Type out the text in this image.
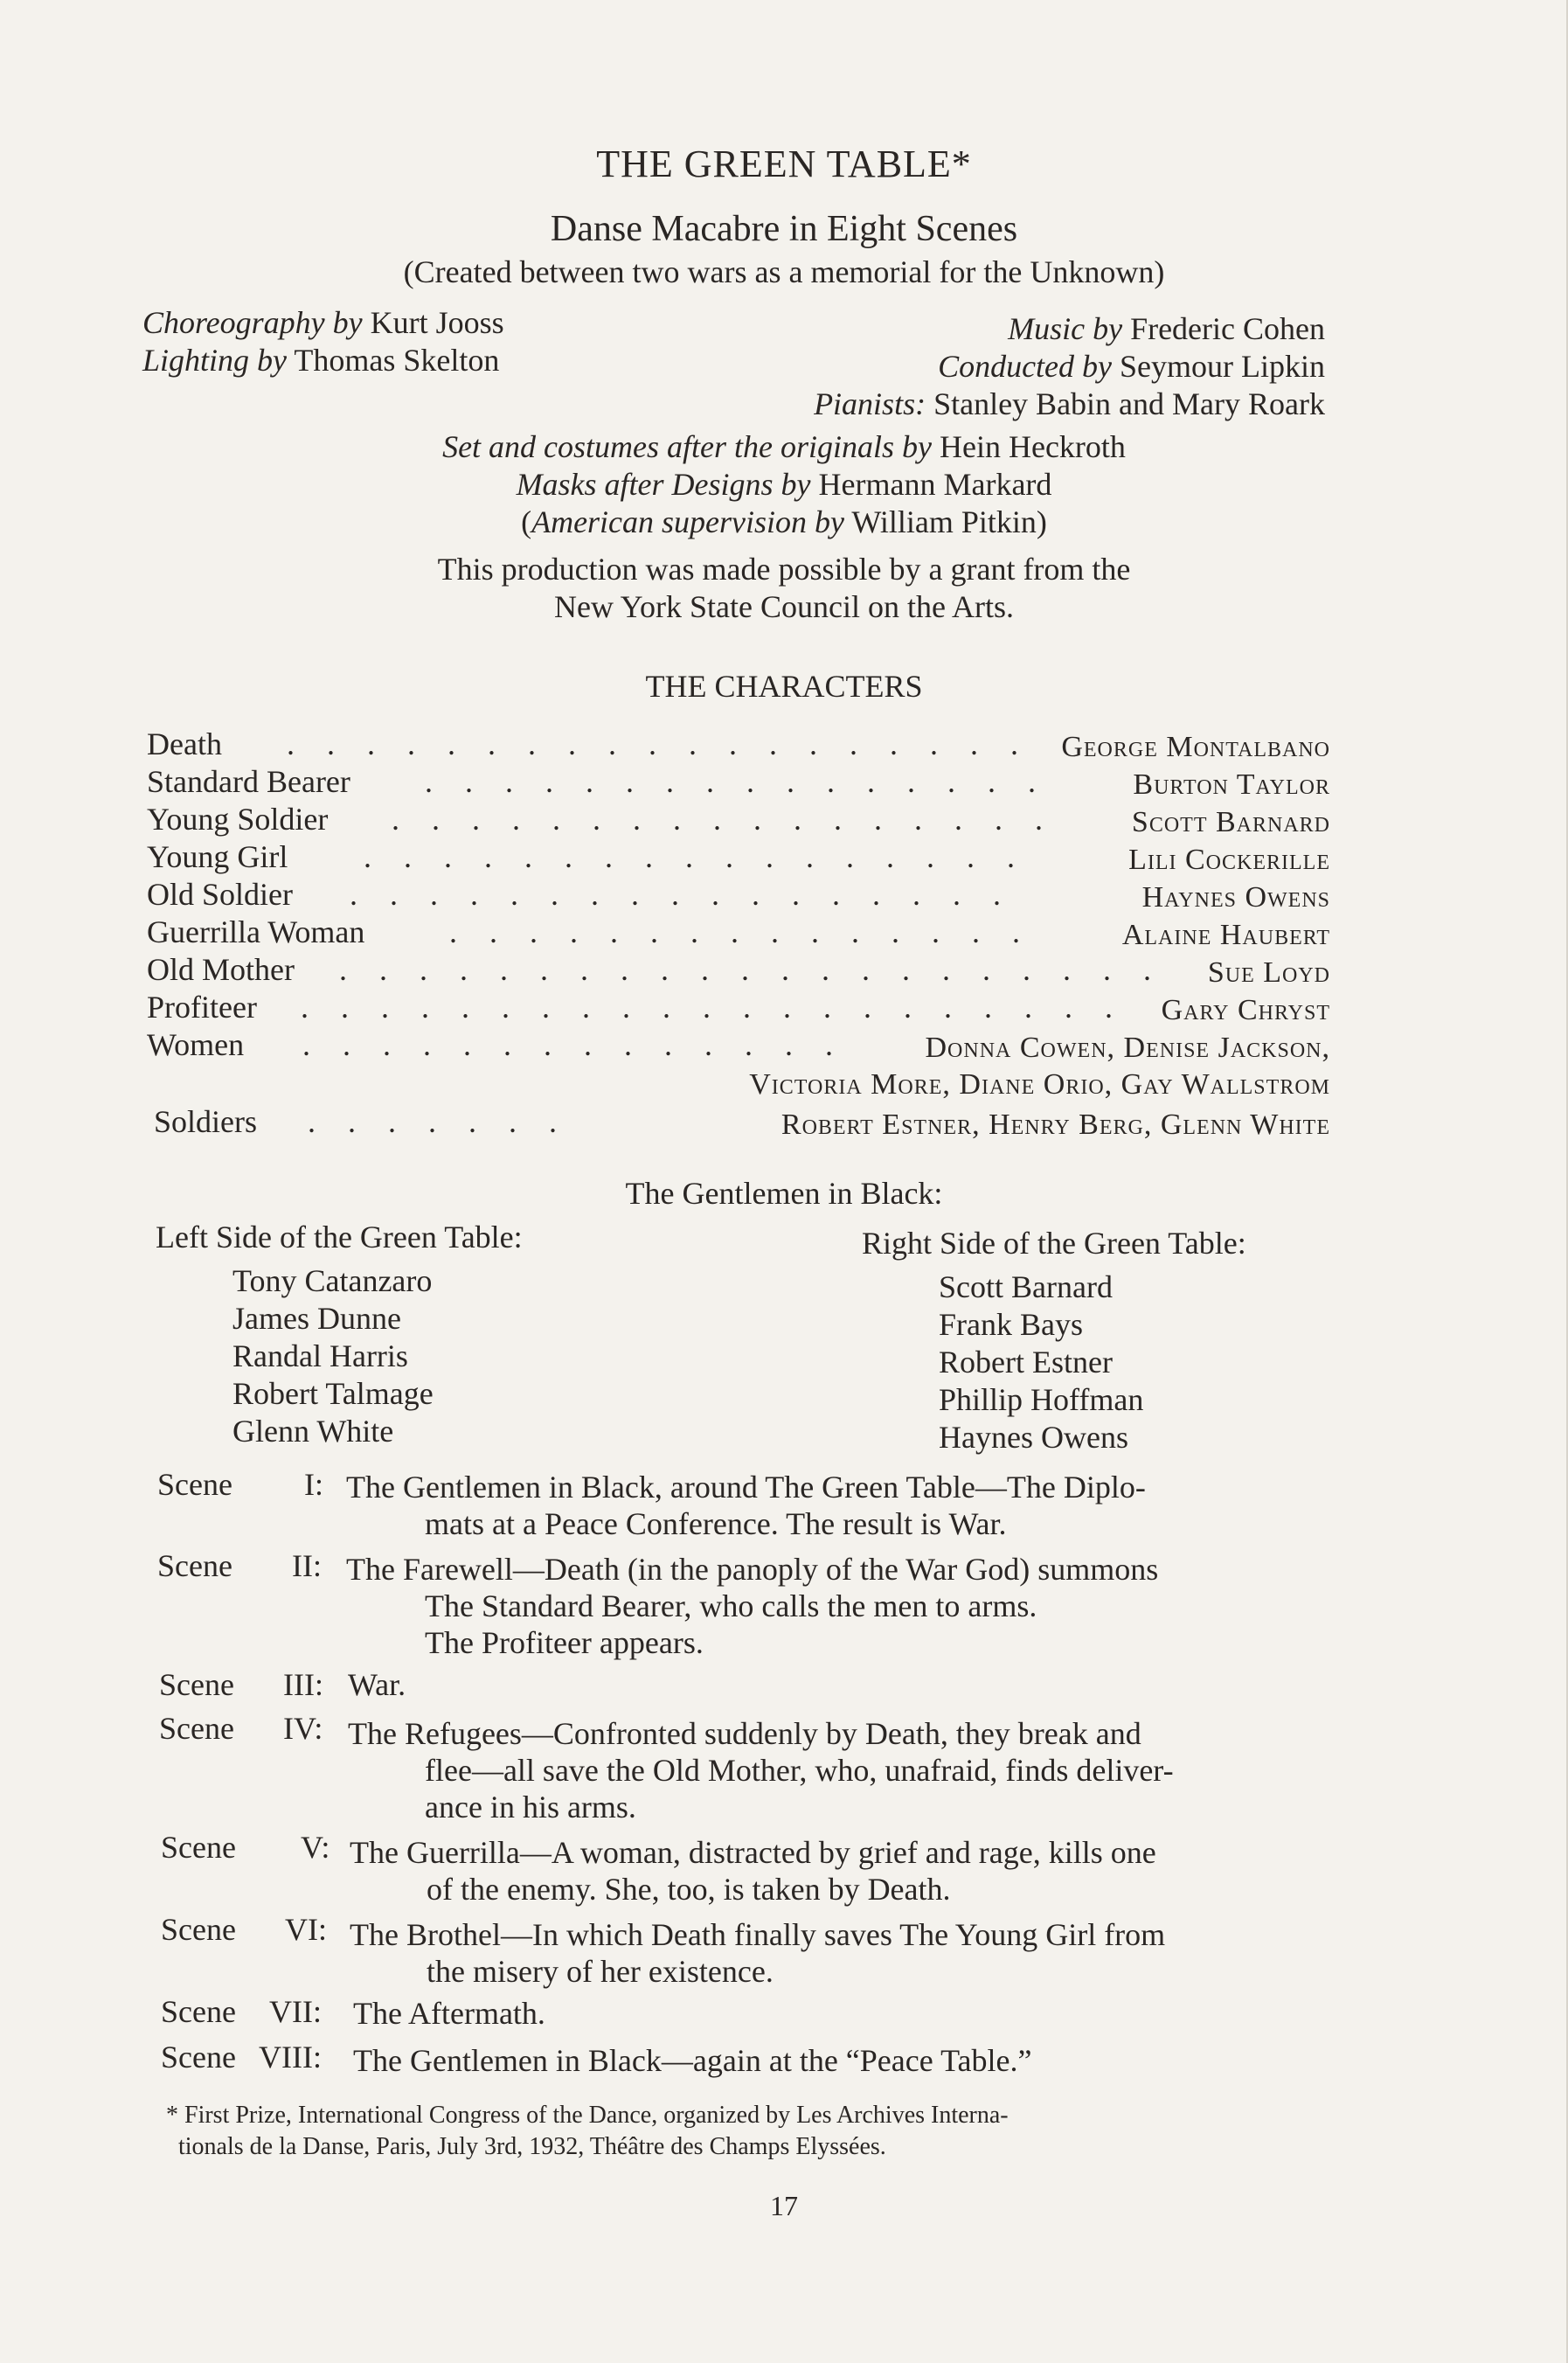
THE GREEN TABLE*
Danse Macabre in Eight Scenes
(Created between two wars as a memorial for the Unknown)
Choreography by Kurt Jooss
Lighting by Thomas Skelton
Music by Frederic Cohen
Conducted by Seymour Lipkin
Pianists: Stanley Babin and Mary Roark
Set and costumes after the originals by Hein Heckroth
Masks after Designs by Hermann Markard
(American supervision by William Pitkin)
This production was made possible by a grant from the
New York State Council on the Arts.
THE CHARACTERS
Death . . . . . . . . . . . . . . . . . . . George Montalbano
Standard Bearer . . . . . . . . . . . . . . . .	Burton Taylor
Young Soldier . . . . . . . . . . . . . . . . .	Scott Barnard
Young Girl . . . . . . . . . . . . . . . . .	Lili Cockerille
Old Soldier . . . . . . . . . . . . . . . . .	Haynes Owens
Guerrilla Woman	. . . . . . . . . . . . . . .	Alaine Haubert
Old Mother . . . . . . . . . . . . . . . . . . . . . Sue Loyd
Profiteer . . . . . . . . . . . . . . . . . . . . . Gary Chryst
Women . . . . . . . . . . . . . .	Donna Cowen, Denise Jackson,
Victoria More, Diane Orio, Gay Wallstrom
Soldiers . . . . . . .	Robert Estner, Henry Berg, Glenn White
The Gentlemen in Black:
Left Side of the Green Table:
Tony Catanzaro
James Dunne
Randal Harris
Robert Talmage
Glenn White
Right Side of the Green Table:
Scott Barnard
Frank Bays
Robert Estner
Phillip Hoffman
Haynes Owens
Scene I: The Gentlemen in Black, around The Green Table—The Diplo-
mats at a Peace Conference. The result is War.
Scene II: The Farewell—Death (in the panoply of the War God) summons
The Standard Bearer, who calls the men to arms.
The Profiteer appears.
Scene III: War.
Scene IV: The Refugees—Confronted suddenly by Death, they break and
flee—all save the Old Mother, who, unafraid, finds deliver-
ance in his arms.
Scene V: The Guerrilla—A woman, distracted by grief and rage, kills one
of the enemy. She, too, is taken by Death.
Scene VI: The Brothel—In which Death finally saves The Young Girl from
the misery of her existence.
Scene VII: The Aftermath.
Scene VIII: The Gentlemen in Black—again at the “Peace Table.”
* First Prize, International Congress of the Dance, organized by Les Archives Interna-
tionals de la Danse, Paris, July 3rd, 1932, Théâtre des Champs Elyssées.
17
